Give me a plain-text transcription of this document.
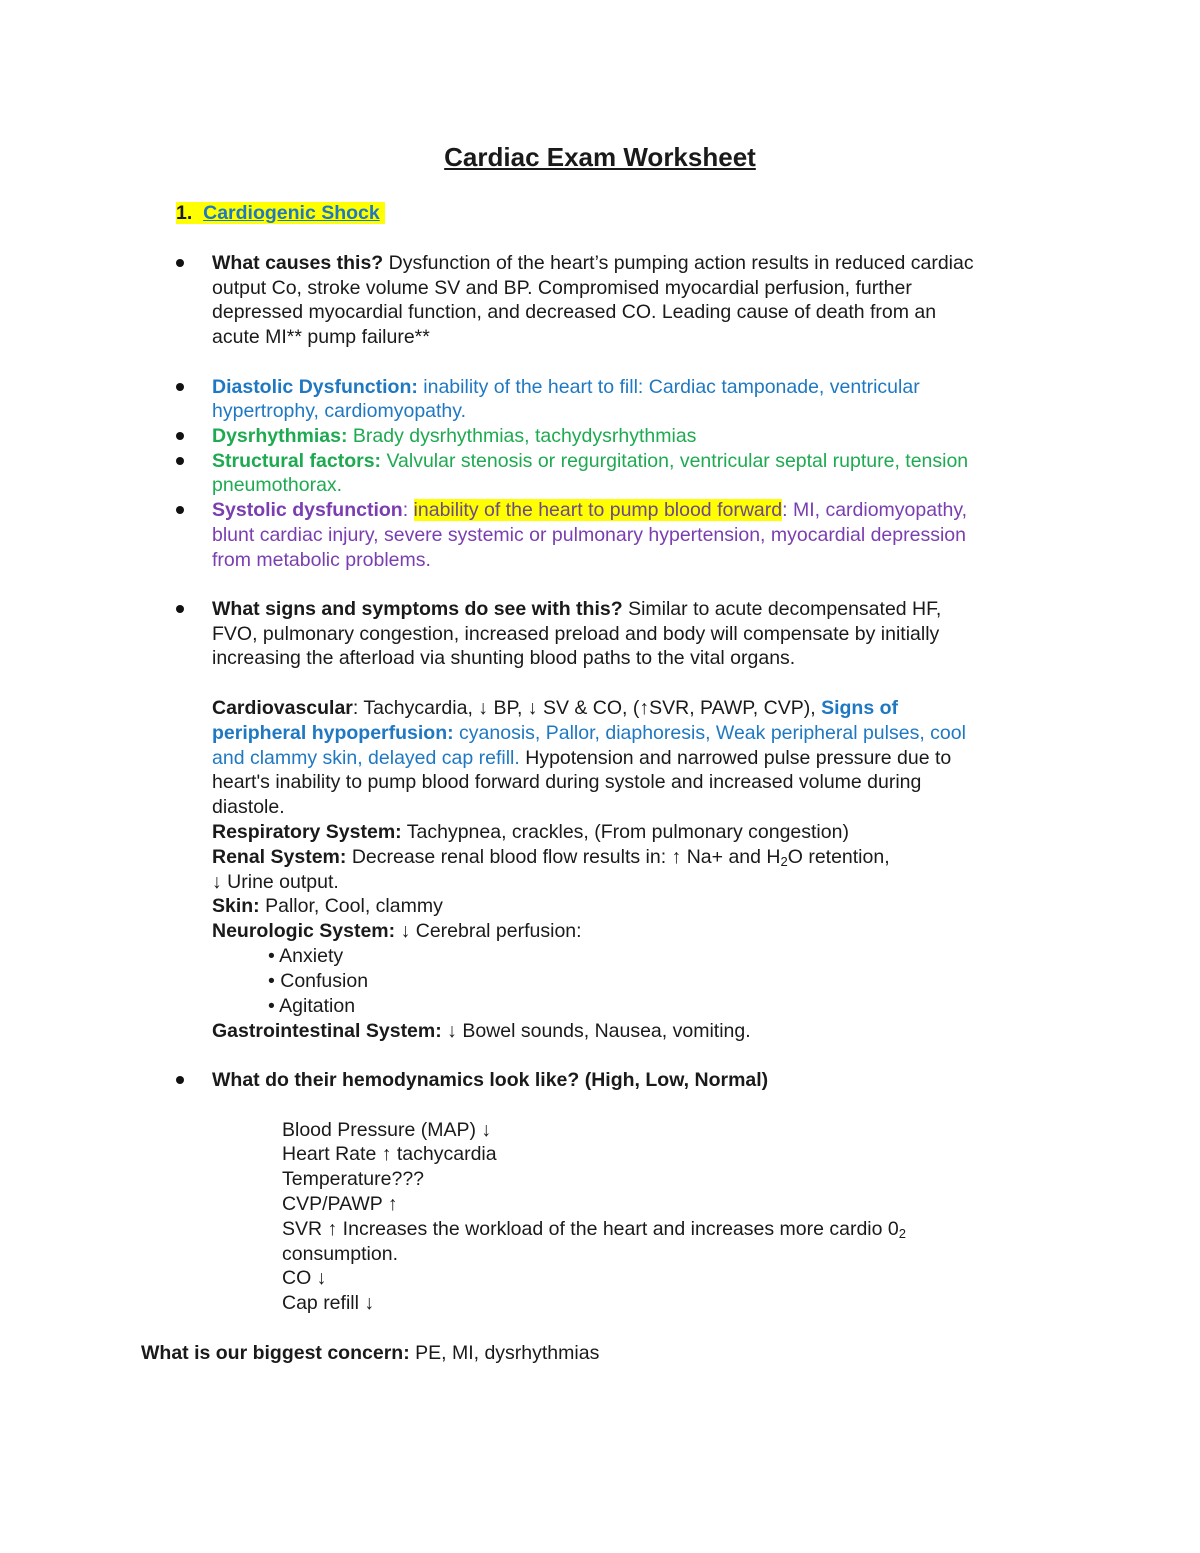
Cardiac Exam Worksheet
1. Cardiogenic Shock
What causes this? Dysfunction of the heart’s pumping action results in reduced cardiac
output Co, stroke volume SV and BP. Compromised myocardial perfusion, further
depressed myocardial function, and decreased CO. Leading cause of death from an
acute MI** pump failure**
Diastolic Dysfunction: inability of the heart to fill: Cardiac tamponade, ventricular
hypertrophy, cardiomyopathy.
Dysrhythmias: Brady dysrhythmias, tachydysrhythmias
Structural factors: Valvular stenosis or regurgitation, ventricular septal rupture, tension
pneumothorax.
Systolic dysfunction: inability of the heart to pump blood forward: MI, cardiomyopathy,
blunt cardiac injury, severe systemic or pulmonary hypertension, myocardial depression
from metabolic problems.
What signs and symptoms do see with this? Similar to acute decompensated HF,
FVO, pulmonary congestion, increased preload and body will compensate by initially
increasing the afterload via shunting blood paths to the vital organs.
Cardiovascular: Tachycardia, ↓ BP, ↓ SV & CO, (↑SVR, PAWP, CVP), Signs of
peripheral hypoperfusion: cyanosis, Pallor, diaphoresis, Weak peripheral pulses, cool
and clammy skin, delayed cap refill. Hypotension and narrowed pulse pressure due to
heart's inability to pump blood forward during systole and increased volume during
diastole.
Respiratory System: Tachypnea, crackles, (From pulmonary congestion)
Renal System: Decrease renal blood flow results in: ↑ Na+ and $H_2O$ retention,
↓ Urine output.
Skin: Pallor, Cool, clammy
Neurologic System: ↓ Cerebral perfusion:
• Anxiety
• Confusion
• Agitation
Gastrointestinal System: ↓ Bowel sounds, Nausea, vomiting.
What do their hemodynamics look like? (High, Low, Normal)
Blood Pressure (MAP) ↓
Heart Rate ↑ tachycardia
Temperature???
CVP/PAWP ↑
SVR ↑ Increases the workload of the heart and increases more cardio $0_2$
consumption.
CO ↓
Cap refill ↓
What is our biggest concern: PE, MI, dysrhythmias
